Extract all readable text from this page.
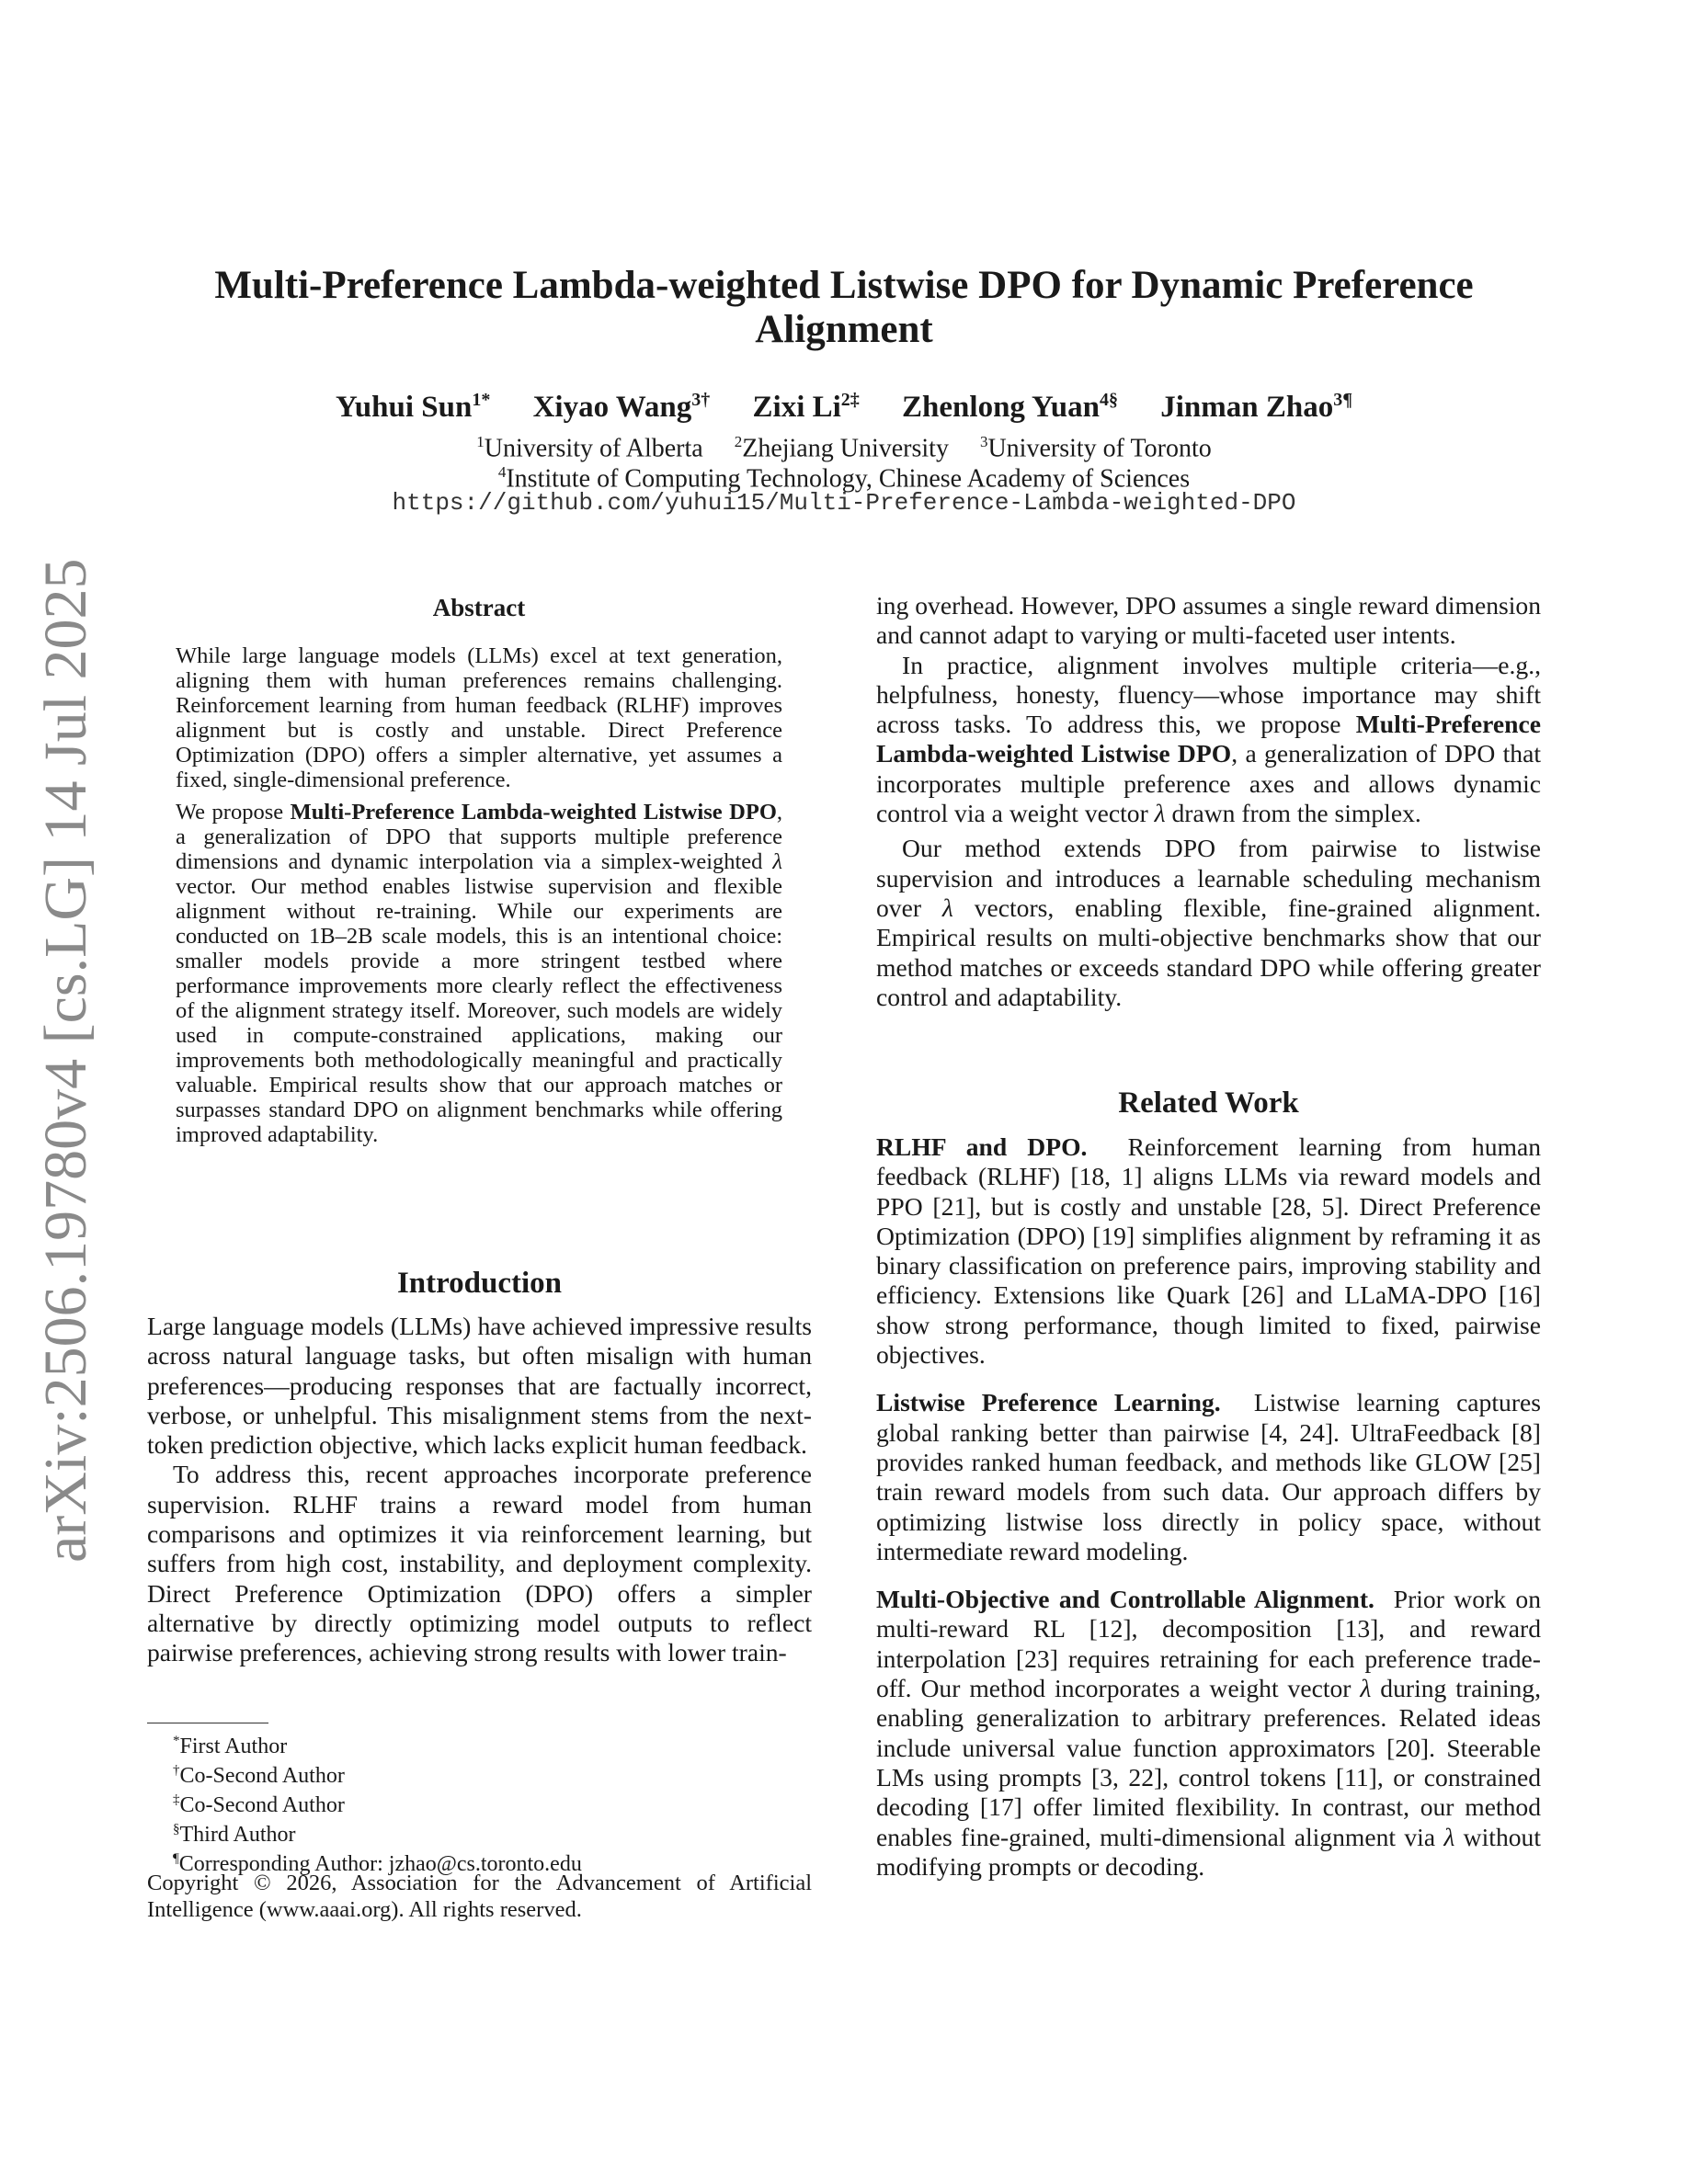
arXiv:2506.19780v4 [cs.LG] 14 Jul 2025
Multi-Preference Lambda-weighted Listwise DPO for Dynamic Preference Alignment
Yuhui Sun$^{1*}$ Xiyao Wang$^{3\dagger}$ Zixi $Li^{2\ddagger}$ Zhenlong Yuan$^{4\S}$ Jinman Zhao$^{3\P}$
$^1$University of Alberta $^2$Zhejiang University $^3$University of Toronto
$^4$Institute of Computing Technology, Chinese Academy of Sciences
https://github.com/yuhui15/Multi-Preference-Lambda-weighted-DPO
Abstract

While large language models (LLMs) excel at text generation, aligning them with human preferences remains challenging. Reinforcement learning from human feedback (RLHF) improves alignment but is costly and unstable. Direct Preference Optimization (DPO) offers a simpler alternative, yet assumes a fixed, single-dimensional preference.

We propose Multi-Preference Lambda-weighted Listwise DPO, a generalization of DPO that supports multiple preference dimensions and dynamic interpolation via a simplex-weighted λ vector. Our method enables listwise supervision and flexible alignment without re-training. While our experiments are conducted on 1B–2B scale models, this is an intentional choice: smaller models provide a more stringent testbed where performance improvements more clearly reflect the effectiveness of the alignment strategy itself. Moreover, such models are widely used in compute-constrained applications, making our improvements both methodologically meaningful and practically valuable. Empirical results show that our approach matches or surpasses standard DPO on alignment benchmarks while offering improved adaptability.

Introduction

Large language models (LLMs) have achieved impressive results across natural language tasks, but often misalign with human preferences—producing responses that are factually incorrect, verbose, or unhelpful. This misalignment stems from the next-token prediction objective, which lacks explicit human feedback.

To address this, recent approaches incorporate preference supervision. RLHF trains a reward model from human comparisons and optimizes it via reinforcement learning, but suffers from high cost, instability, and deployment complexity. Direct Preference Optimization (DPO) offers a simpler alternative by directly optimizing model outputs to reflect pairwise preferences, achieving strong results with lower train-

*First Author
†Co-Second Author
‡Co-Second Author
§Third Author
¶Corresponding Author: jzhao@cs.toronto.edu
Copyright © 2026, Association for the Advancement of Artificial Intelligence (www.aaai.org). All rights reserved.

ing overhead. However, DPO assumes a single reward dimension and cannot adapt to varying or multi-faceted user intents.

In practice, alignment involves multiple criteria—e.g., helpfulness, honesty, fluency—whose importance may shift across tasks. To address this, we propose Multi-Preference Lambda-weighted Listwise DPO, a generalization of DPO that incorporates multiple preference axes and allows dynamic control via a weight vector λ drawn from the simplex.

Our method extends DPO from pairwise to listwise supervision and introduces a learnable scheduling mechanism over λ vectors, enabling flexible, fine-grained alignment. Empirical results on multi-objective benchmarks show that our method matches or exceeds standard DPO while offering greater control and adaptability.

Related Work

RLHF and DPO. Reinforcement learning from human feedback (RLHF) [18, 1] aligns LLMs via reward models and PPO [21], but is costly and unstable [28, 5]. Direct Preference Optimization (DPO) [19] simplifies alignment by reframing it as binary classification on preference pairs, improving stability and efficiency. Extensions like Quark [26] and LLaMA-DPO [16] show strong performance, though limited to fixed, pairwise objectives.

Listwise Preference Learning. Listwise learning captures global ranking better than pairwise [4, 24]. UltraFeedback [8] provides ranked human feedback, and methods like GLOW [25] train reward models from such data. Our approach differs by optimizing listwise loss directly in policy space, without intermediate reward modeling.

Multi-Objective and Controllable Alignment. Prior work on multi-reward RL [12], decomposition [13], and reward interpolation [23] requires retraining for each preference trade-off. Our method incorporates a weight vector λ during training, enabling generalization to arbitrary preferences. Related ideas include universal value function approximators [20]. Steerable LMs using prompts [3, 22], control tokens [11], or constrained decoding [17] offer limited flexibility. In contrast, our method enables fine-grained, multi-dimensional alignment via λ without modifying prompts or decoding.
